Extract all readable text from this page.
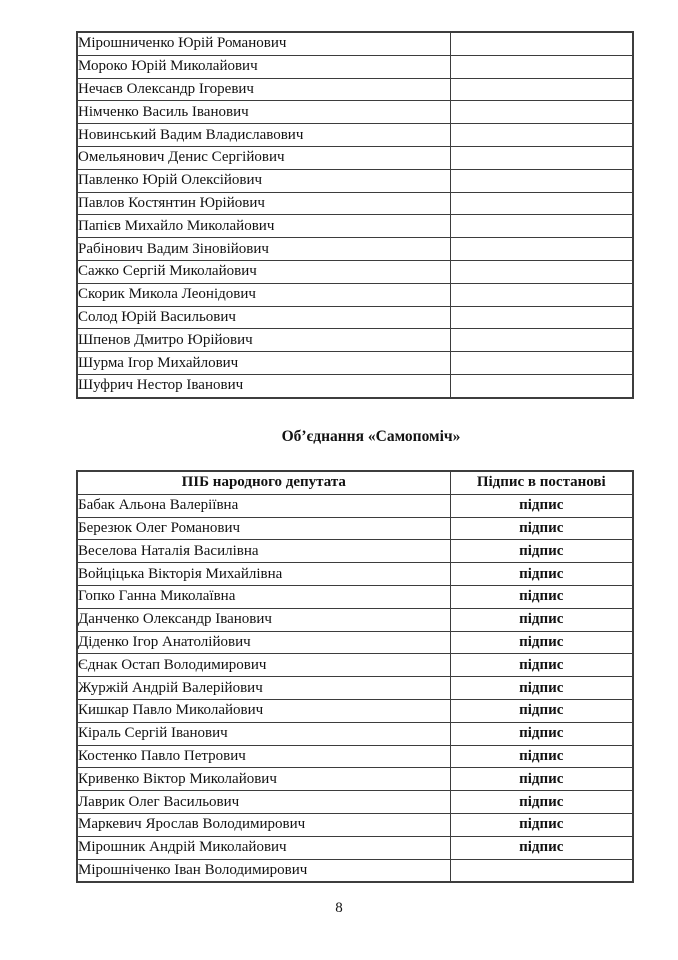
Мірошниченко Юрій Романович	
Мороко Юрій Миколайович	
Нечаєв Олександр Ігоревич	
Німченко Василь Іванович	
Новинський Вадим Владиславович	
Омельянович Денис Сергійович	
Павленко Юрій Олексійович	
Павлов Костянтин Юрійович	
Папієв Михайло Миколайович	
Рабінович Вадим Зіновійович	
Сажко Сергій Миколайович	
Скорик Микола Леонідович	
Солод Юрій Васильович	
Шпенов Дмитро Юрійович	
Шурма Ігор Михайлович	
Шуфрич Нестор Іванович	
Об’єднання «Самопоміч»
ПІБ народного депутата	Підпис в постанові
Бабак Альона Валеріївна	підпис
Березюк Олег Романович	підпис
Веселова Наталія Василівна	підпис
Войціцька Вікторія Михайлівна	підпис
Гопко Ганна Миколаївна	підпис
Данченко Олександр Іванович	підпис
Діденко Ігор Анатолійович	підпис
Єднак Остап Володимирович	підпис
Журжій Андрій Валерійович	підпис
Кишкар Павло Миколайович	підпис
Кіраль Сергій Іванович	підпис
Костенко Павло Петрович	підпис
Кривенко Віктор Миколайович	підпис
Лаврик Олег Васильович	підпис
Маркевич Ярослав Володимирович	підпис
Мірошник Андрій Миколайович	підпис
Мірошніченко Іван Володимирович	
8
